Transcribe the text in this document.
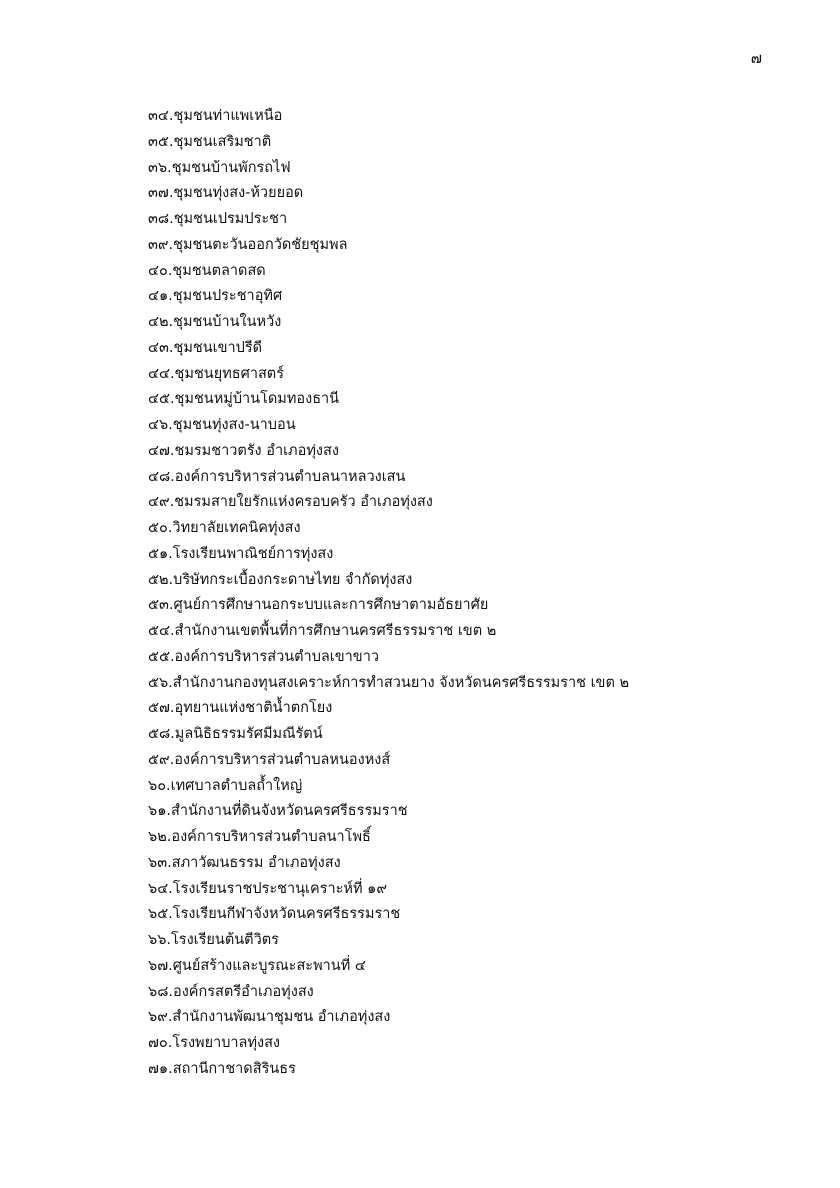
๗
๓๔.ชุมชนท่าแพเหนือ
๓๕.ชุมชนเสริมชาติ
๓๖.ชุมชนบ้านพักรถไฟ
๓๗.ชุมชนทุ่งสง-ห้วยยอด
๓๘.ชุมชนเปรมประชา
๓๙.ชุมชนตะวันออกวัดชัยชุมพล
๔๐.ชุมชนตลาดสด
๔๑.ชุมชนประชาอุทิศ
๔๒.ชุมชนบ้านในหวัง
๔๓.ชุมชนเขาปรีดี
๔๔.ชุมชนยุทธศาสตร์
๔๕.ชุมชนหมู่บ้านโดมทองธานี
๔๖.ชุมชนทุ่งสง-นาบอน
๔๗.ชมรมชาวตรัง อำเภอทุ่งสง
๔๘.องค์การบริหารส่วนตำบลนาหลวงเสน
๔๙.ชมรมสายใยรักแห่งครอบครัว อำเภอทุ่งสง
๕๐.วิทยาลัยเทคนิคทุ่งสง
๕๑.โรงเรียนพาณิชย์การทุ่งสง
๕๒.บริษัทกระเบื้องกระดาษไทย จำกัดทุ่งสง
๕๓.ศูนย์การศึกษานอกระบบและการศึกษาตามอัธยาศัย
๕๔.สำนักงานเขตพื้นที่การศึกษานครศรีธรรมราช เขต ๒
๕๕.องค์การบริหารส่วนตำบลเขาขาว
๕๖.สำนักงานกองทุนสงเคราะห์การทำสวนยาง จังหวัดนครศรีธรรมราช เขต ๒
๕๗.อุทยานแห่งชาติน้ำตกโยง
๕๘.มูลนิธิธรรมรัศมีมณีรัตน์
๕๙.องค์การบริหารส่วนตำบลหนองหงส์
๖๐.เทศบาลตำบลถ้ำใหญ่
๖๑.สำนักงานที่ดินจังหวัดนครศรีธรรมราช
๖๒.องค์การบริหารส่วนตำบลนาโพธิ์
๖๓.สภาวัฒนธรรม อำเภอทุ่งสง
๖๔.โรงเรียนราชประชานุเคราะห์ที่ ๑๙
๖๕.โรงเรียนกีฬาจังหวัดนครศรีธรรมราช
๖๖.โรงเรียนต้นตีวิตร
๖๗.ศูนย์สร้างและบูรณะสะพานที่ ๔
๖๘.องค์กรสตรีอำเภอทุ่งสง
๖๙.สำนักงานพัฒนาชุมชน อำเภอทุ่งสง
๗๐.โรงพยาบาลทุ่งสง
๗๑.สถานีกาชาดสิรินธร
